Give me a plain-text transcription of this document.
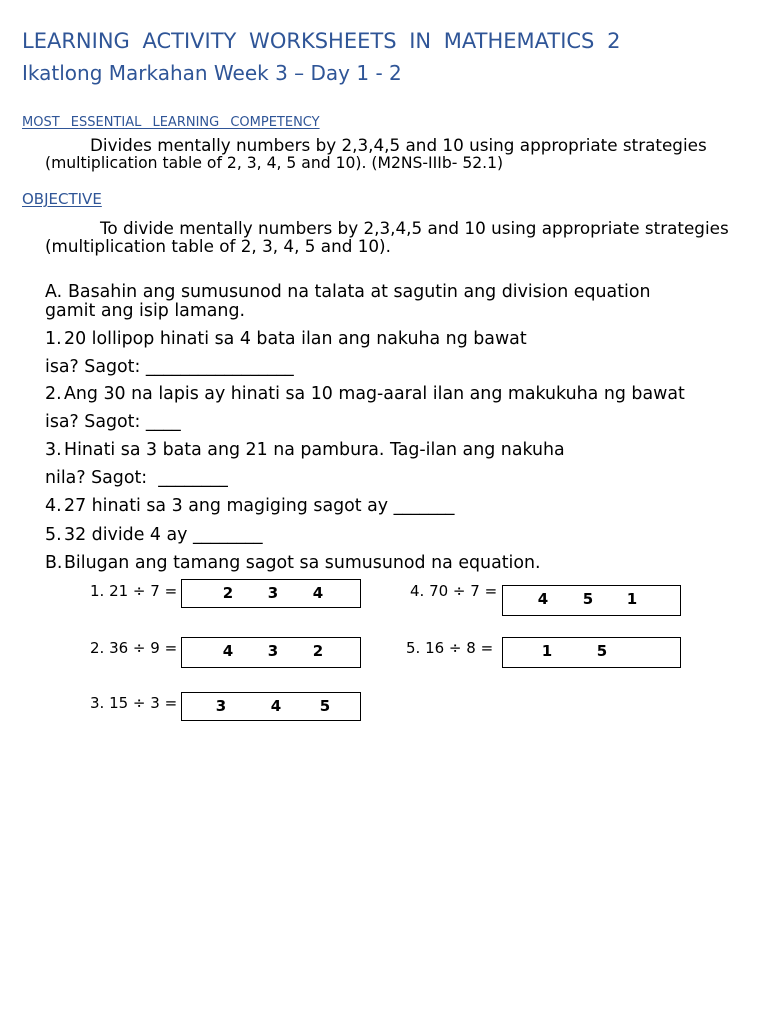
LEARNING ACTIVITY WORKSHEETS IN MATHEMATICS 2
Ikatlong Markahan Week 3 – Day 1 - 2
MOST ESSENTIAL LEARNING COMPETENCY
Divides mentally numbers by 2,3,4,5 and 10 using appropriate strategies
(multiplication table of 2, 3, 4, 5 and 10). (M2NS-IIIb- 52.1)
OBJECTIVE
To divide mentally numbers by 2,3,4,5 and 10 using appropriate strategies
(multiplication table of 2, 3, 4, 5 and 10).
A. Basahin ang sumusunod na talata at sagutin ang division equation
gamit ang isip lamang.
1. 20 lollipop hinati sa 4 bata ilan ang nakuha ng bawat
isa? Sagot: _________________
2. Ang 30 na lapis ay hinati sa 10 mag-aaral ilan ang makukuha ng bawat
isa? Sagot: ____
3. Hinati sa 3 bata ang 21 na pambura. Tag-ilan ang nakuha
nila? Sagot:  ________
4. 27 hinati sa 3 ang magiging sagot ay _______
5. 32 divide 4 ay ________
B. Bilugan ang tamang sagot sa sumusunod na equation.
1. 21 ÷ 7 =	2 3 4
2. 36 ÷ 9 =	4 3 2
3. 15 ÷ 3 =	3	4	5
4. 70 ÷ 7 =	4 5 1
5. 16 ÷ 8 =	1	5
